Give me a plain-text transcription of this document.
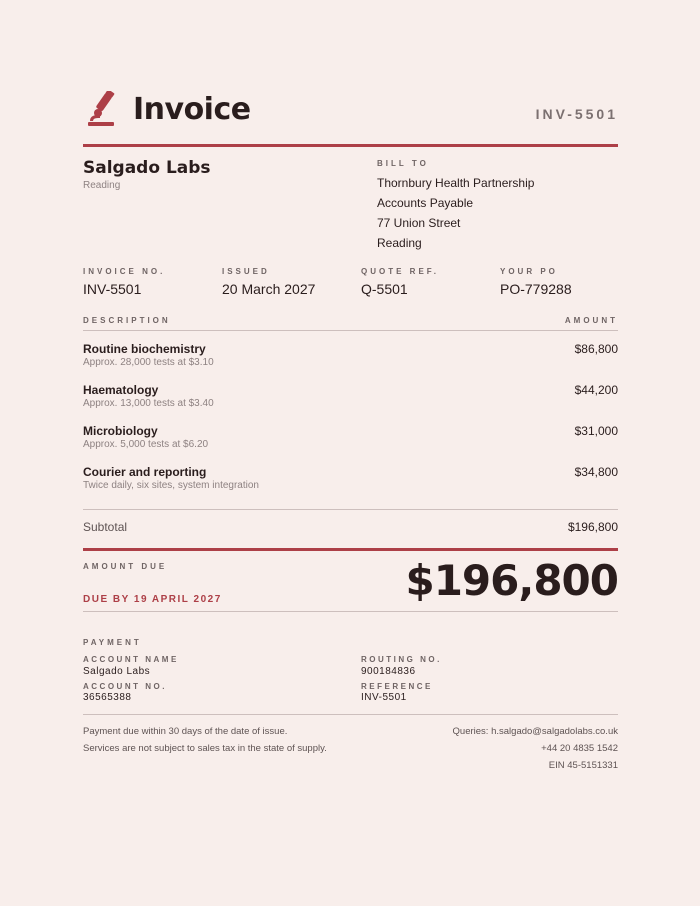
Invoice	INV-5501
Salgado Labs
Reading
BILL TO
Thornbury Health Partnership
Accounts Payable
77 Union Street
Reading
INVOICE NO.
INV-5501
ISSUED
20 March 2027
QUOTE REF.
Q-5501
YOUR PO
PO-779288
DESCRIPTION	AMOUNT
Routine biochemistry
Approx. 28,000 tests at $3.10
$86,800
Haematology
Approx. 13,000 tests at $3.40
$44,200
Microbiology
Approx. 5,000 tests at $6.20
$31,000
Courier and reporting
Twice daily, six sites, system integration
$34,800
Subtotal	$196,800
AMOUNT DUE
DUE BY 19 APRIL 2027	$196,800
PAYMENT
ACCOUNT NAME
Salgado Labs
ACCOUNT NO.
36565388
ROUTING NO.
900184836
REFERENCE
INV-5501
Payment due within 30 days of the date of issue.
Services are not subject to sales tax in the state of supply.
Queries: h.salgado@salgadolabs.co.uk
+44 20 4835 1542
EIN 45-5151331
